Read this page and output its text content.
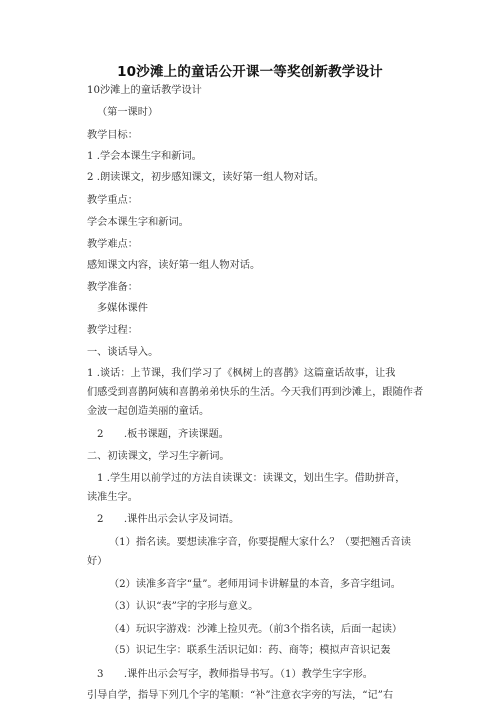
10沙滩上的童话公开课一等奖创新教学设计
10沙滩上的童话教学设计
（第一课时）
教学目标：
1 .学会本课生字和新词。
2 .朗读课文，初步感知课文，读好第一组人物对话。
教学重点：
学会本课生字和新词。
教学难点：
感知课文内容，读好第一组人物对话。
教学准备：
多媒体课件
教学过程：
一、谈话导入。
1 .谈话：上节课，我们学习了《枫树上的喜鹊》这篇童话故事，让我
们感受到喜鹊阿姨和喜鹊弟弟快乐的生活。今天我们再到沙滩上，跟随作者
金波一起创造美丽的童话。
2　　.板书课题，齐读课题。
二、初读课文，学习生字新词。
1 .学生用以前学过的方法自读课文：读课文，划出生字。借助拼音，
读准生字。
2　　.课件出示会认字及词语。
（1）指名读。要想读准字音，你要提醒大家什么？（要把翘舌音读
好）
（2）读准多音字“量”。老师用词卡讲解量的本音，多音字组词。
（3）认识“表”字的字形与意义。
（4）玩识字游戏：沙滩上捡贝壳。（前3个指名读，后面一起读）
（5）识记生字：联系生活识记如：药、商等；模拟声音识记轰
3　　.课件出示会写字，教师指导书写。（1）教学生字字形。
引导自学，指导下列几个字的笔顺：“补”注意衣字旁的写法，“记”右
